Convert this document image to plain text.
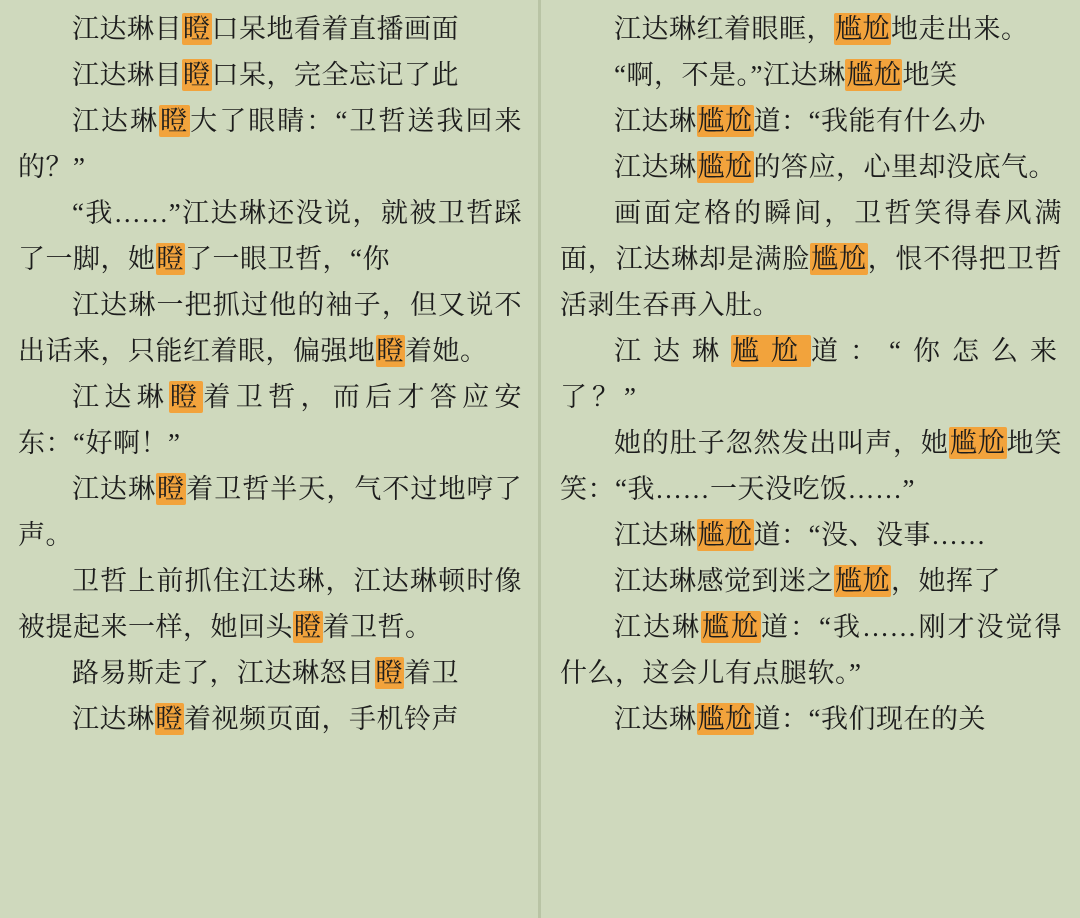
江达琳目瞪口呆地看着直播画面

江达琳目瞪口呆，完全忘记了此

江达琳瞪大了眼睛：“卫哲送我回来的？”

“我……”江达琳还没说，就被卫哲踩了一脚，她瞪了一眼卫哲，“你

江达琳一把抓过他的袖子，但又说不出话来，只能红着眼，偏强地瞪着她。

江达琳瞪着卫哲，而后才答应安东：“好啊！”

江达琳瞪着卫哲半天，气不过地哼了声。

卫哲上前抓住江达琳，江达琳顿时像被提起来一样，她回头瞪着卫哲。

路易斯走了，江达琳怒目瞪着卫

江达琳瞪着视频页面，手机铃声

江达琳红着眼眶，尴尬地走出来。

“啊，不是。”江达琳尴尬地笑

江达琳尴尬道：“我能有什么办

江达琳尴尬的答应，心里却没底气。

画面定格的瞬间，卫哲笑得春风满面，江达琳却是满脸尴尬，恨不得把卫哲活剥生吞再入肚。

江达琳尴尬道：“你怎么来了？”

她的肚子忽然发出叫声，她尴尬地笑笑：“我……一天没吃饭……”

江达琳尴尬道：“没、没事……

江达琳感觉到迷之尴尬，她挥了

江达琳尴尬道：“我……刚才没觉得什么，这会儿有点腿软。”

江达琳尴尬道：“我们现在的关
